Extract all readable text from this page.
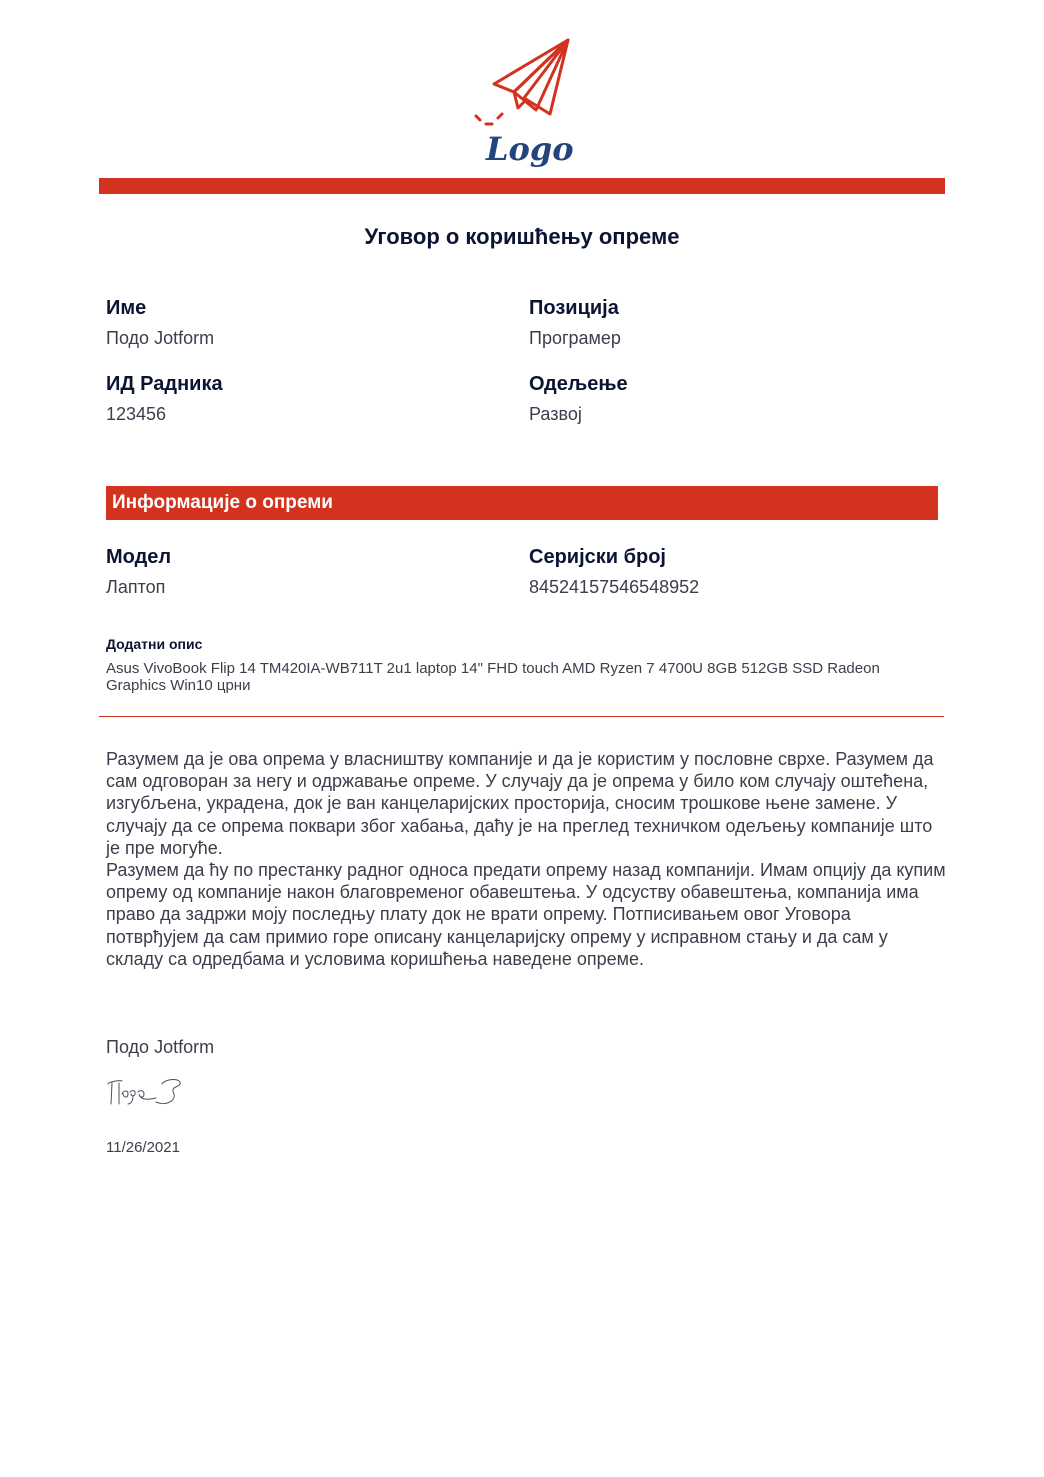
Logo
Уговор о коришћењу опреме
Име
Подо Jotform
Позиција
Програмер
ИД Радника
123456
Одељење
Развој
Информације о опреми
Модел
Лаптоп
Серијски број
84524157546548952
Додатни опис
Asus VivoBook Flip 14 TM420IA-WB711T 2u1 laptop 14" FHD touch AMD Ryzen 7 4700U 8GB 512GB SSD Radeon Graphics Win10 црни

Разумем да је ова опрема у власништву компаније и да је користим у пословне сврхе. Разумем да сам одговоран за негу и одржавање опреме. У случају да је опрема у било ком случају оштећена, изгубљена, украдена, док је ван канцеларијских просторија, сносим трошкове њене замене. У случају да се опрема поквари због хабања, даћу је на преглед техничком одељењу компаније што је пре могуће.

Разумем да ћу по престанку радног односа предати опрему назад компанији. Имам опцију да купим опрему од компаније након благовременог обавештења. У одсуству обавештења, компанија има право да задржи моју последњу плату док не врати опрему. Потписивањем овог Уговора потврђујем да сам примио горе описану канцеларијску опрему у исправном стању и да сам у складу са одредбама и условима коришћења наведене опреме.

Подо Jotform
11/26/2021
